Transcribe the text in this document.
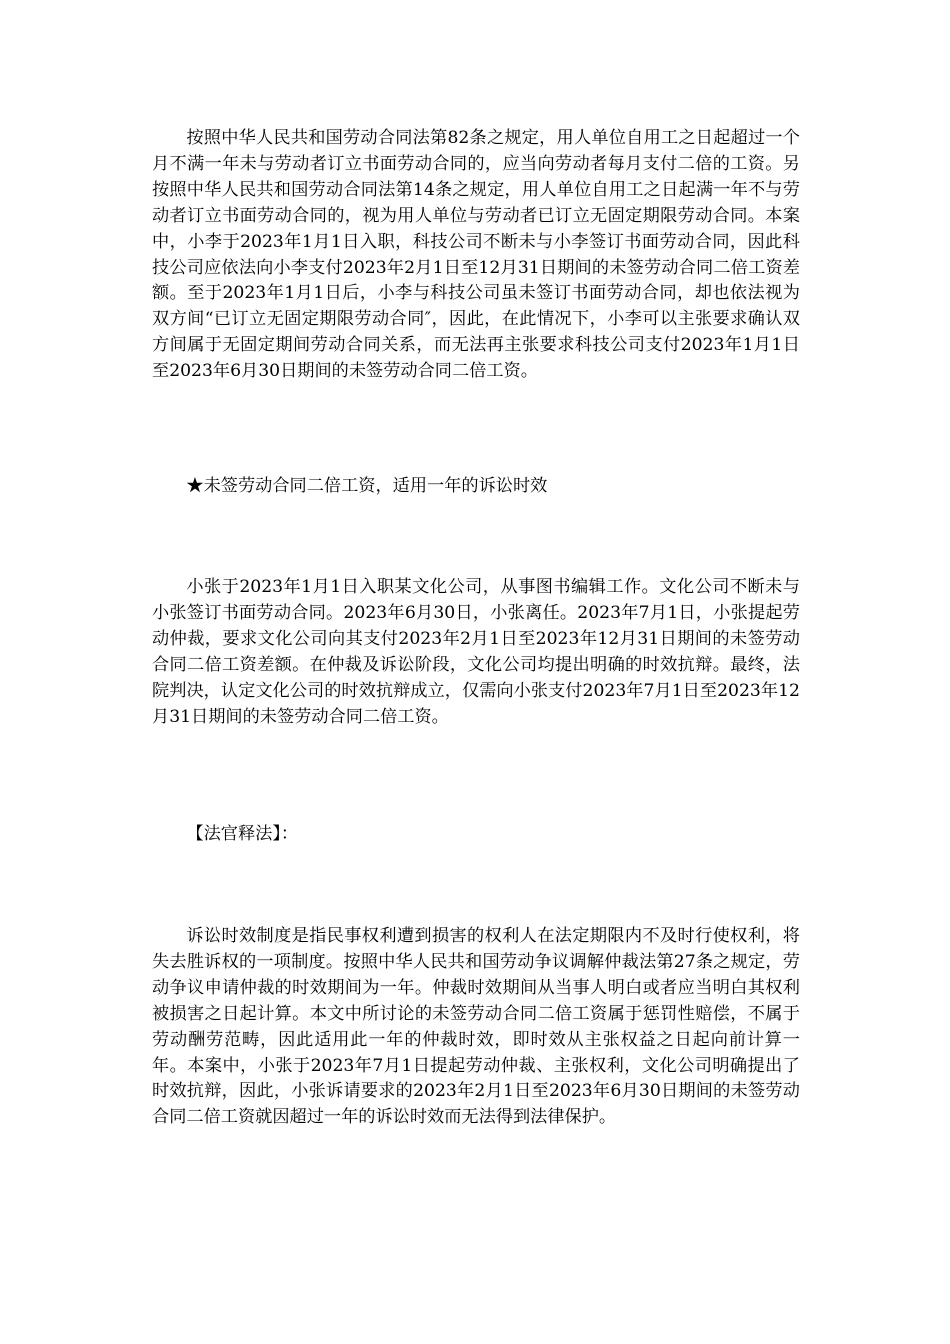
按照中华人民共和国劳动合同法第82条之规定，用人单位自用工之日起超过一个月不满一年未与劳动者订立书面劳动合同的，应当向劳动者每月支付二倍的工资。另按照中华人民共和国劳动合同法第14条之规定，用人单位自用工之日起满一年不与劳动者订立书面劳动合同的，视为用人单位与劳动者已订立无固定期限劳动合同。本案中，小李于2023年1月1日入职，科技公司不断未与小李签订书面劳动合同，因此科技公司应依法向小李支付2023年2月1日至12月31日期间的未签劳动合同二倍工资差额。至于2023年1月1日后，小李与科技公司虽未签订书面劳动合同，却也依法视为双方间“已订立无固定期限劳动合同″，因此，在此情况下，小李可以主张要求确认双方间属于无固定期间劳动合同关系，而无法再主张要求科技公司支付2023年1月1日至2023年6月30日期间的未签劳动合同二倍工资。

★未签劳动合同二倍工资，适用一年的诉讼时效

小张于2023年1月1日入职某文化公司，从事图书编辑工作。文化公司不断未与小张签订书面劳动合同。2023年6月30日，小张离任。2023年7月1日，小张提起劳动仲裁，要求文化公司向其支付2023年2月1日至2023年12月31日期间的未签劳动合同二倍工资差额。在仲裁及诉讼阶段，文化公司均提出明确的时效抗辩。最终，法院判决，认定文化公司的时效抗辩成立，仅需向小张支付2023年7月1日至2023年12月31日期间的未签劳动合同二倍工资。

【法官释法】：

诉讼时效制度是指民事权利遭到损害的权利人在法定期限内不及时行使权利，将失去胜诉权的一项制度。按照中华人民共和国劳动争议调解仲裁法第27条之规定，劳动争议申请仲裁的时效期间为一年。仲裁时效期间从当事人明白或者应当明白其权利被损害之日起计算。本文中所讨论的未签劳动合同二倍工资属于惩罚性赔偿，不属于劳动酬劳范畴，因此适用此一年的仲裁时效，即时效从主张权益之日起向前计算一年。本案中，小张于2023年7月1日提起劳动仲裁、主张权利，文化公司明确提出了时效抗辩，因此，小张诉请要求的2023年2月1日至2023年6月30日期间的未签劳动合同二倍工资就因超过一年的诉讼时效而无法得到法律保护。
